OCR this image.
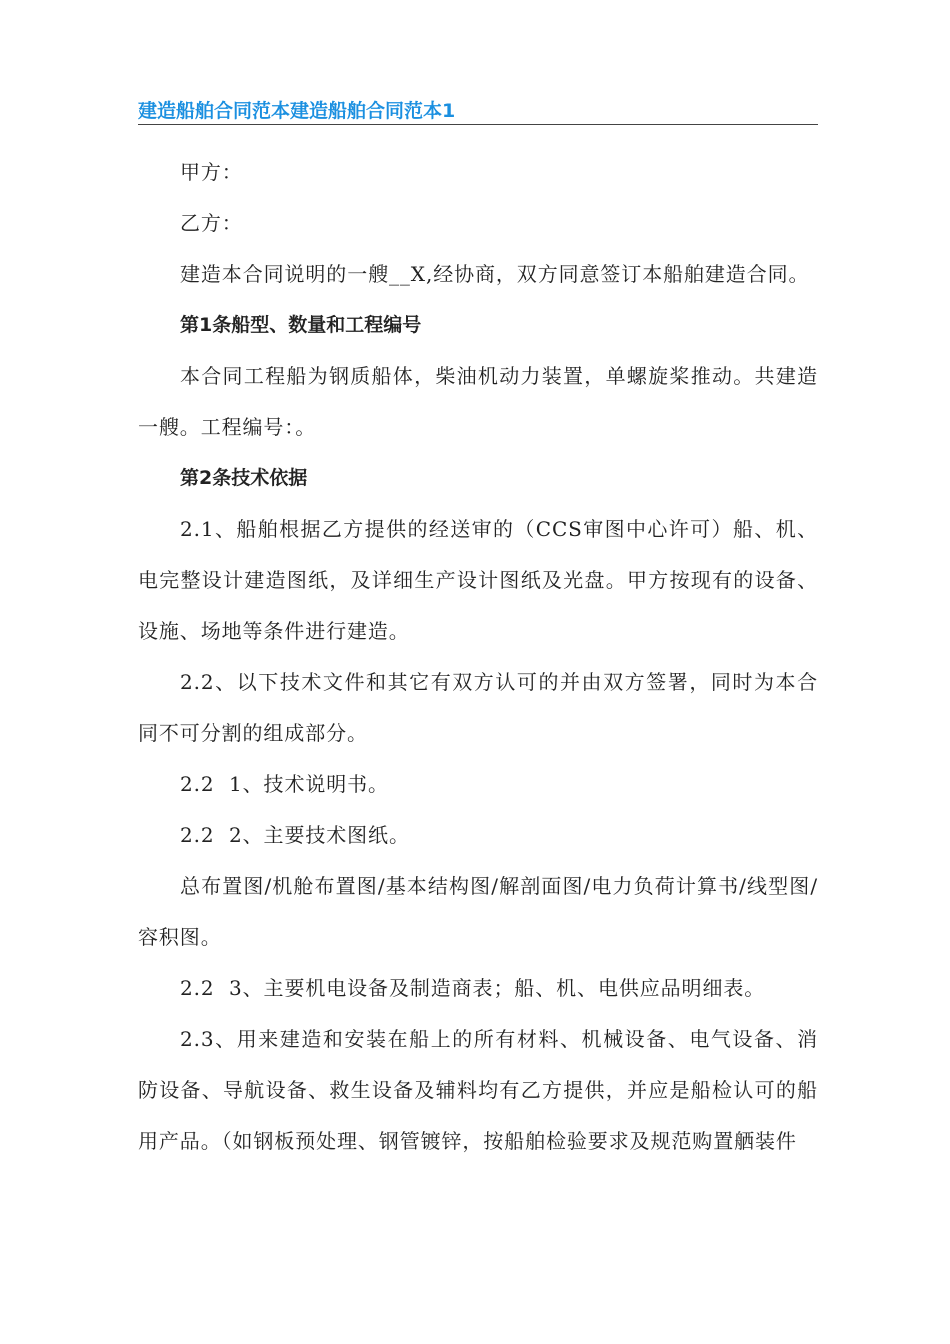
建造船舶合同范本建造船舶合同范本1

甲方：

乙方：

建造本合同说明的一艘__X,经协商，双方同意签订本船舶建造合同。

第1条船型、数量和工程编号

本合同工程船为钢质船体，柴油机动力装置，单螺旋桨推动。共建造一艘。工程编号：。

第2条技术依据

2.1、船舶根据乙方提供的经送审的（CCS审图中心许可）船、机、电完整设计建造图纸，及详细生产设计图纸及光盘。甲方按现有的设备、设施、场地等条件进行建造。

2.2、以下技术文件和其它有双方认可的并由双方签署，同时为本合同不可分割的组成部分。

2.2  1、技术说明书。

2.2  2、主要技术图纸。

总布置图/机舱布置图/基本结构图/解剖面图/电力负荷计算书/线型图/容积图。

2.2  3、主要机电设备及制造商表；船、机、电供应品明细表。

2.3、用来建造和安装在船上的所有材料、机械设备、电气设备、消防设备、导航设备、救生设备及辅料均有乙方提供，并应是船检认可的船用产品。（如钢板预处理、钢管镀锌，按船舶检验要求及规范购置舾装件
